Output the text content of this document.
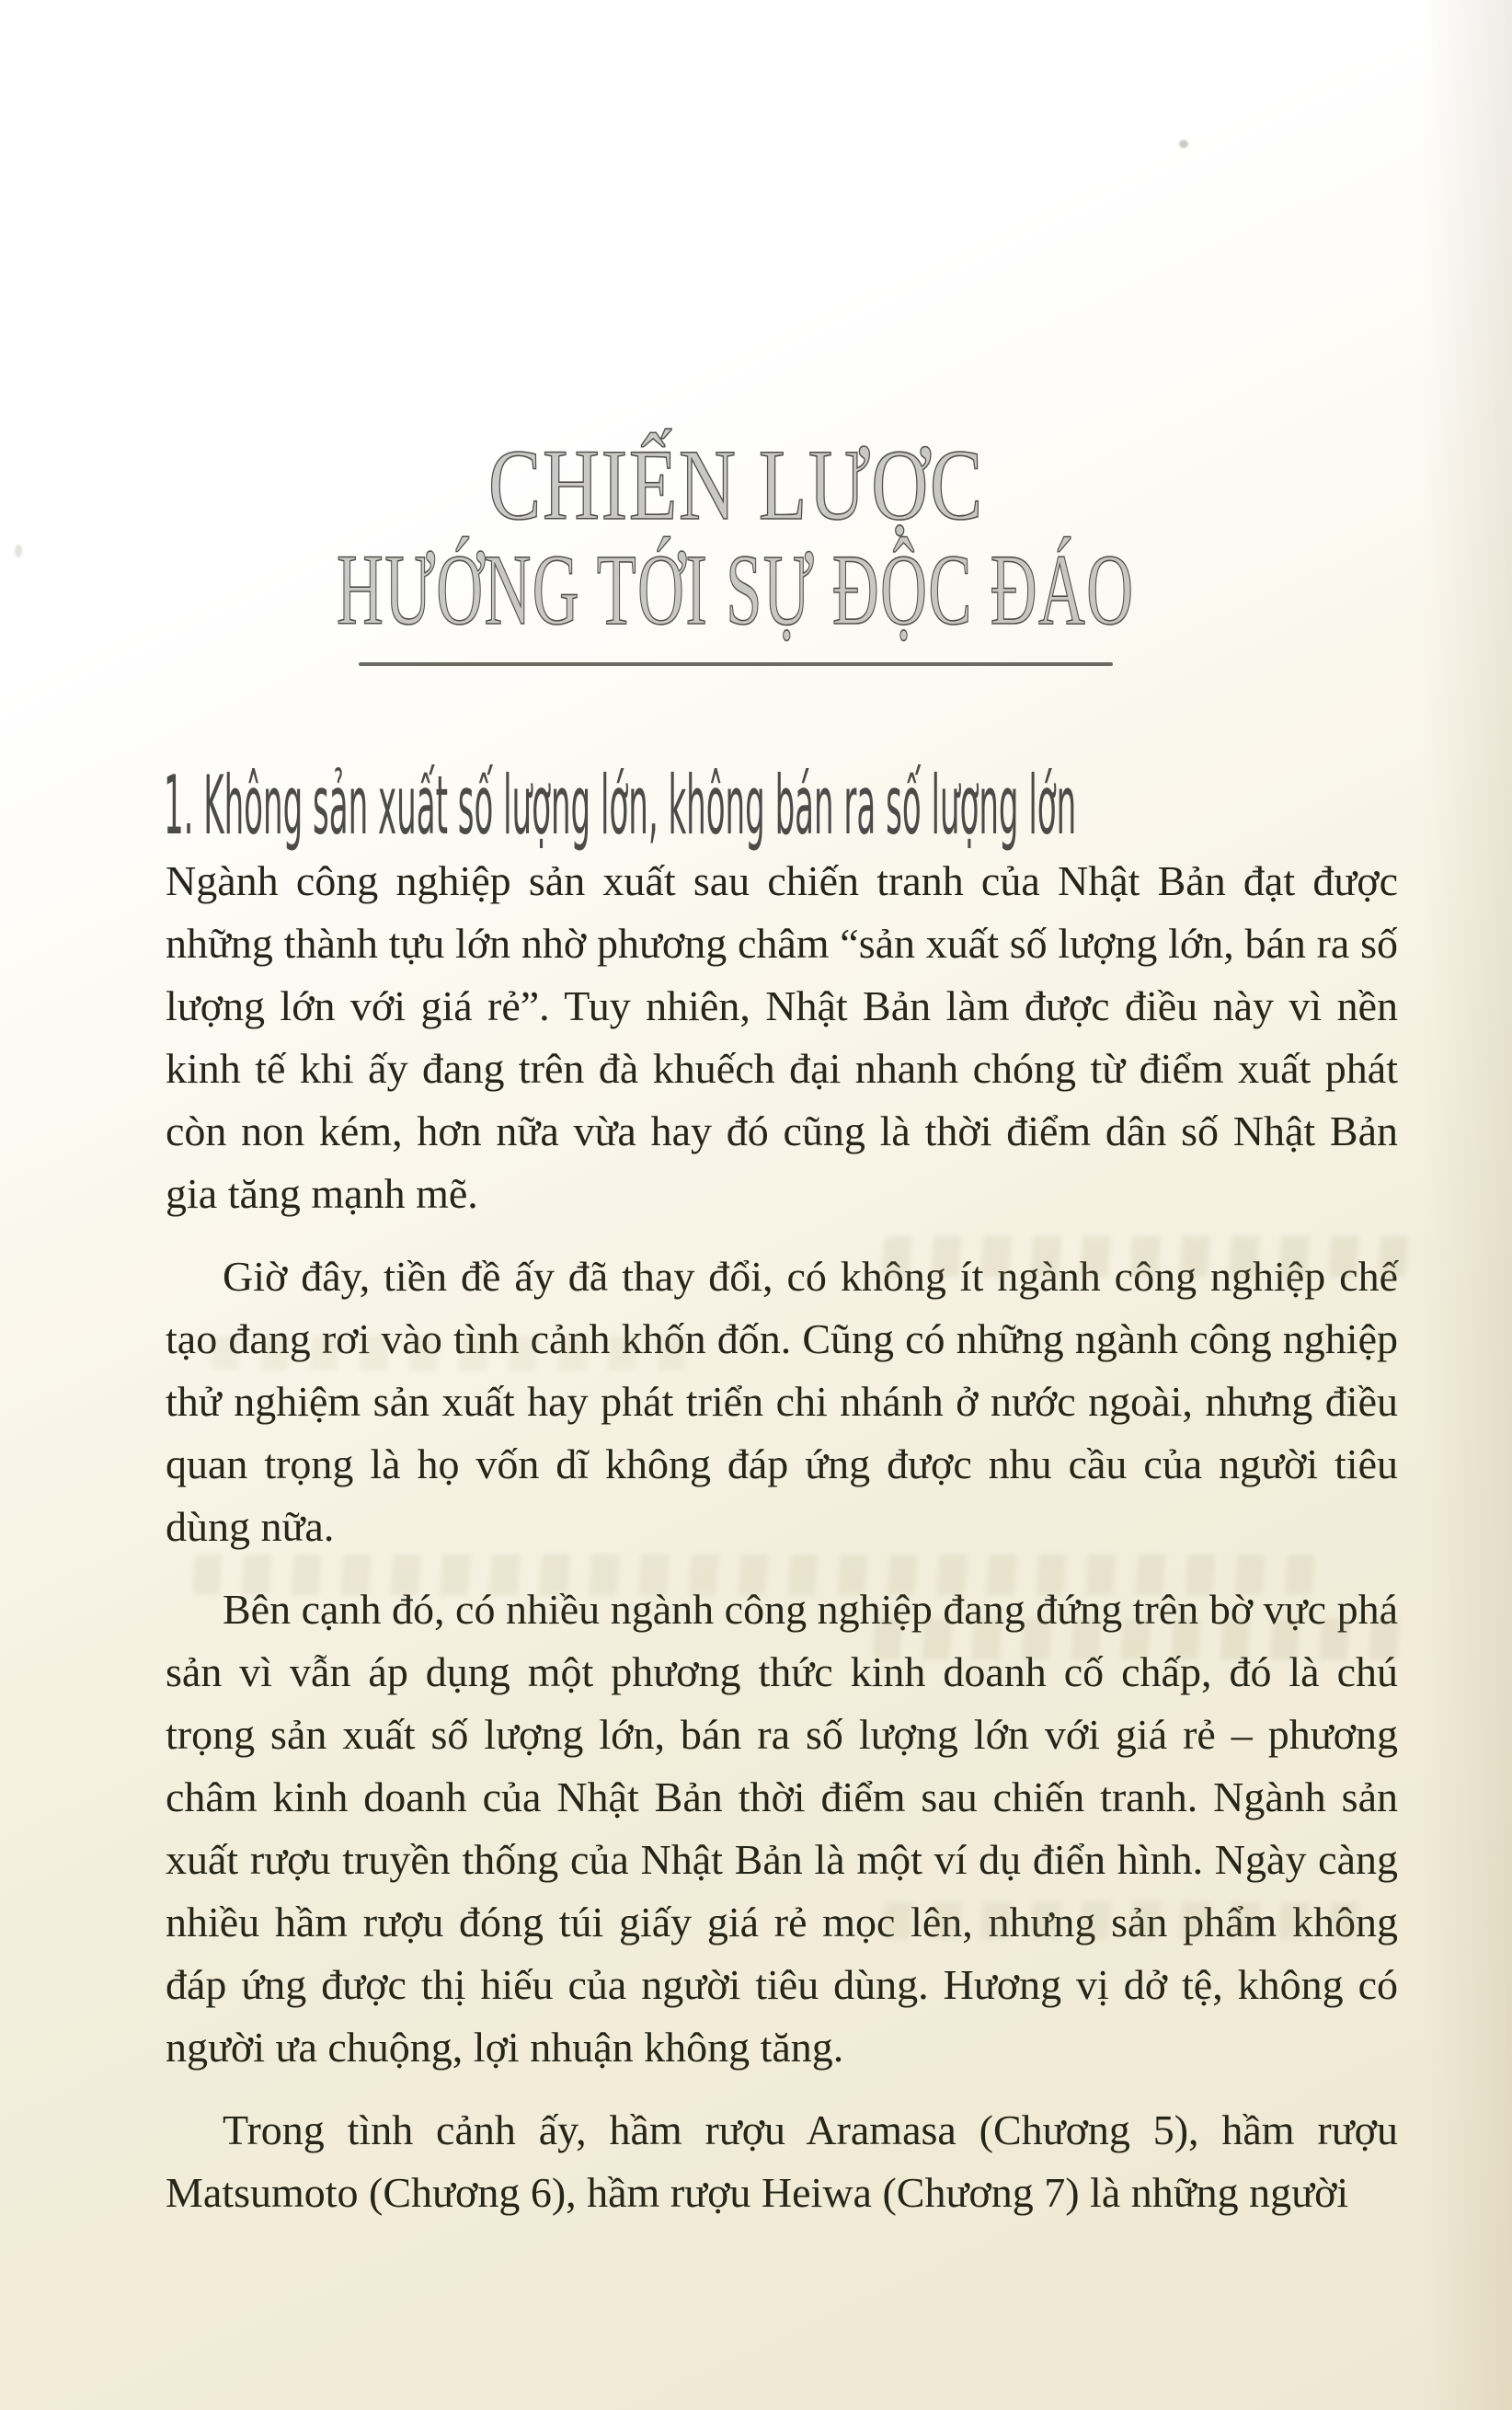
CHIẾN LƯỢC
HƯỚNG TỚI SỰ ĐỘC ĐÁO
1. Không sản xuất số lượng lớn, không bán ra số lượng lớn

Ngành công nghiệp sản xuất sau chiến tranh của Nhật Bản đạt được những thành tựu lớn nhờ phương châm “sản xuất số lượng lớn, bán ra số lượng lớn với giá rẻ”. Tuy nhiên, Nhật Bản làm được điều này vì nền kinh tế khi ấy đang trên đà khuếch đại nhanh chóng từ điểm xuất phát còn non kém, hơn nữa vừa hay đó cũng là thời điểm dân số Nhật Bản gia tăng mạnh mẽ.

Giờ đây, tiền đề ấy đã thay đổi, có không ít ngành công nghiệp chế tạo đang rơi vào tình cảnh khốn đốn. Cũng có những ngành công nghiệp thử nghiệm sản xuất hay phát triển chi nhánh ở nước ngoài, nhưng điều quan trọng là họ vốn dĩ không đáp ứng được nhu cầu của người tiêu dùng nữa.

Bên cạnh đó, có nhiều ngành công nghiệp đang đứng trên bờ vực phá sản vì vẫn áp dụng một phương thức kinh doanh cố chấp, đó là chú trọng sản xuất số lượng lớn, bán ra số lượng lớn với giá rẻ – phương châm kinh doanh của Nhật Bản thời điểm sau chiến tranh. Ngành sản xuất rượu truyền thống của Nhật Bản là một ví dụ điển hình. Ngày càng nhiều hầm rượu đóng túi giấy giá rẻ mọc lên, nhưng sản phẩm không đáp ứng được thị hiếu của người tiêu dùng. Hương vị dở tệ, không có người ưa chuộng, lợi nhuận không tăng.

Trong tình cảnh ấy, hầm rượu Aramasa (Chương 5), hầm rượu Matsumoto (Chương 6), hầm rượu Heiwa (Chương 7) là những người
